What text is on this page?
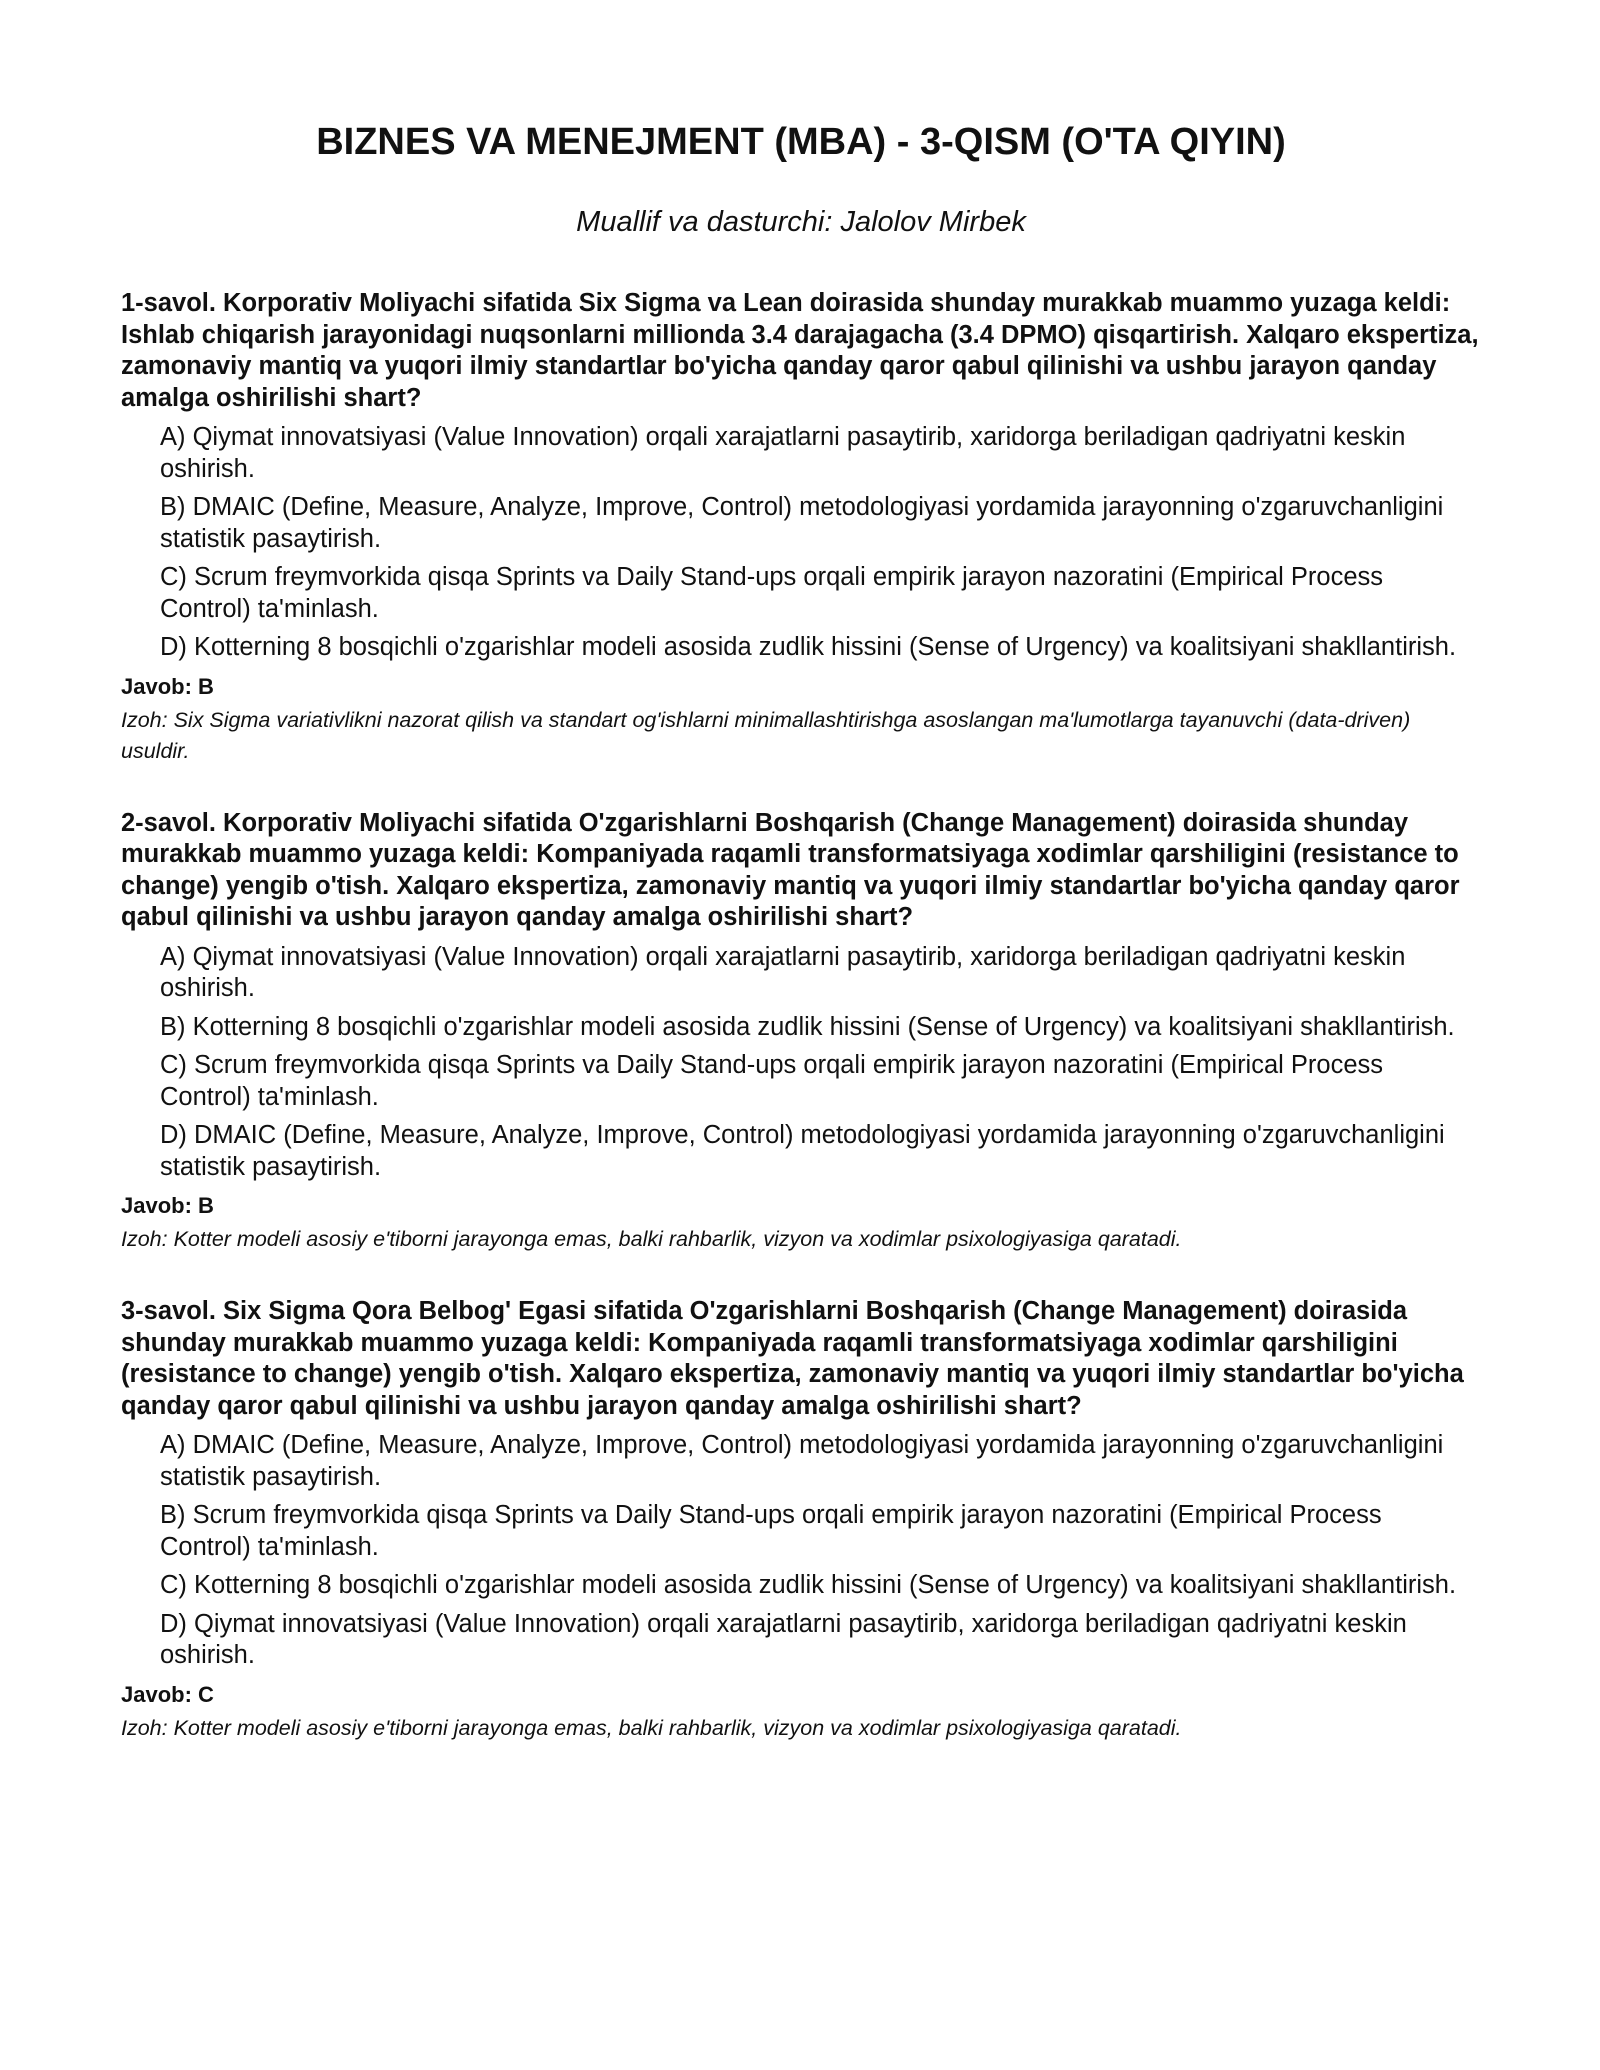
BIZNES VA MENEJMENT (MBA) - 3-QISM (O'TA QIYIN)
Muallif va dasturchi: Jalolov Mirbek

1-savol. Korporativ Moliyachi sifatida Six Sigma va Lean doirasida shunday murakkab muammo yuzaga keldi: Ishlab chiqarish jarayonidagi nuqsonlarni millionda 3.4 darajagacha (3.4 DPMO) qisqartirish. Xalqaro ekspertiza, zamonaviy mantiq va yuqori ilmiy standartlar bo'yicha qanday qaror qabul qilinishi va ushbu jarayon qanday amalga oshirilishi shart?

A) Qiymat innovatsiyasi (Value Innovation) orqali xarajatlarni pasaytirib, xaridorga beriladigan qadriyatni keskin oshirish.
B) DMAIC (Define, Measure, Analyze, Improve, Control) metodologiyasi yordamida jarayonning o'zgaruvchanligini statistik pasaytirish.
C) Scrum freymvorkida qisqa Sprints va Daily Stand-ups orqali empirik jarayon nazoratini (Empirical Process Control) ta'minlash.
D) Kotterning 8 bosqichli o'zgarishlar modeli asosida zudlik hissini (Sense of Urgency) va koalitsiyani shakllantirish.
Javob: B

Izoh: Six Sigma variativlikni nazorat qilish va standart og'ishlarni minimallashtirishga asoslangan ma'lumotlarga tayanuvchi (data-driven) usuldir.

2-savol. Korporativ Moliyachi sifatida O'zgarishlarni Boshqarish (Change Management) doirasida shunday murakkab muammo yuzaga keldi: Kompaniyada raqamli transformatsiyaga xodimlar qarshiligini (resistance to change) yengib o'tish. Xalqaro ekspertiza, zamonaviy mantiq va yuqori ilmiy standartlar bo'yicha qanday qaror qabul qilinishi va ushbu jarayon qanday amalga oshirilishi shart?

A) Qiymat innovatsiyasi (Value Innovation) orqali xarajatlarni pasaytirib, xaridorga beriladigan qadriyatni keskin oshirish.
B) Kotterning 8 bosqichli o'zgarishlar modeli asosida zudlik hissini (Sense of Urgency) va koalitsiyani shakllantirish.
C) Scrum freymvorkida qisqa Sprints va Daily Stand-ups orqali empirik jarayon nazoratini (Empirical Process Control) ta'minlash.
D) DMAIC (Define, Measure, Analyze, Improve, Control) metodologiyasi yordamida jarayonning o'zgaruvchanligini statistik pasaytirish.
Javob: B

Izoh: Kotter modeli asosiy e'tiborni jarayonga emas, balki rahbarlik, vizyon va xodimlar psixologiyasiga qaratadi.

3-savol. Six Sigma Qora Belbog' Egasi sifatida O'zgarishlarni Boshqarish (Change Management) doirasida shunday murakkab muammo yuzaga keldi: Kompaniyada raqamli transformatsiyaga xodimlar qarshiligini (resistance to change) yengib o'tish. Xalqaro ekspertiza, zamonaviy mantiq va yuqori ilmiy standartlar bo'yicha qanday qaror qabul qilinishi va ushbu jarayon qanday amalga oshirilishi shart?

A) DMAIC (Define, Measure, Analyze, Improve, Control) metodologiyasi yordamida jarayonning o'zgaruvchanligini statistik pasaytirish.
B) Scrum freymvorkida qisqa Sprints va Daily Stand-ups orqali empirik jarayon nazoratini (Empirical Process Control) ta'minlash.
C) Kotterning 8 bosqichli o'zgarishlar modeli asosida zudlik hissini (Sense of Urgency) va koalitsiyani shakllantirish.
D) Qiymat innovatsiyasi (Value Innovation) orqali xarajatlarni pasaytirib, xaridorga beriladigan qadriyatni keskin oshirish.
Javob: C

Izoh: Kotter modeli asosiy e'tiborni jarayonga emas, balki rahbarlik, vizyon va xodimlar psixologiyasiga qaratadi.
